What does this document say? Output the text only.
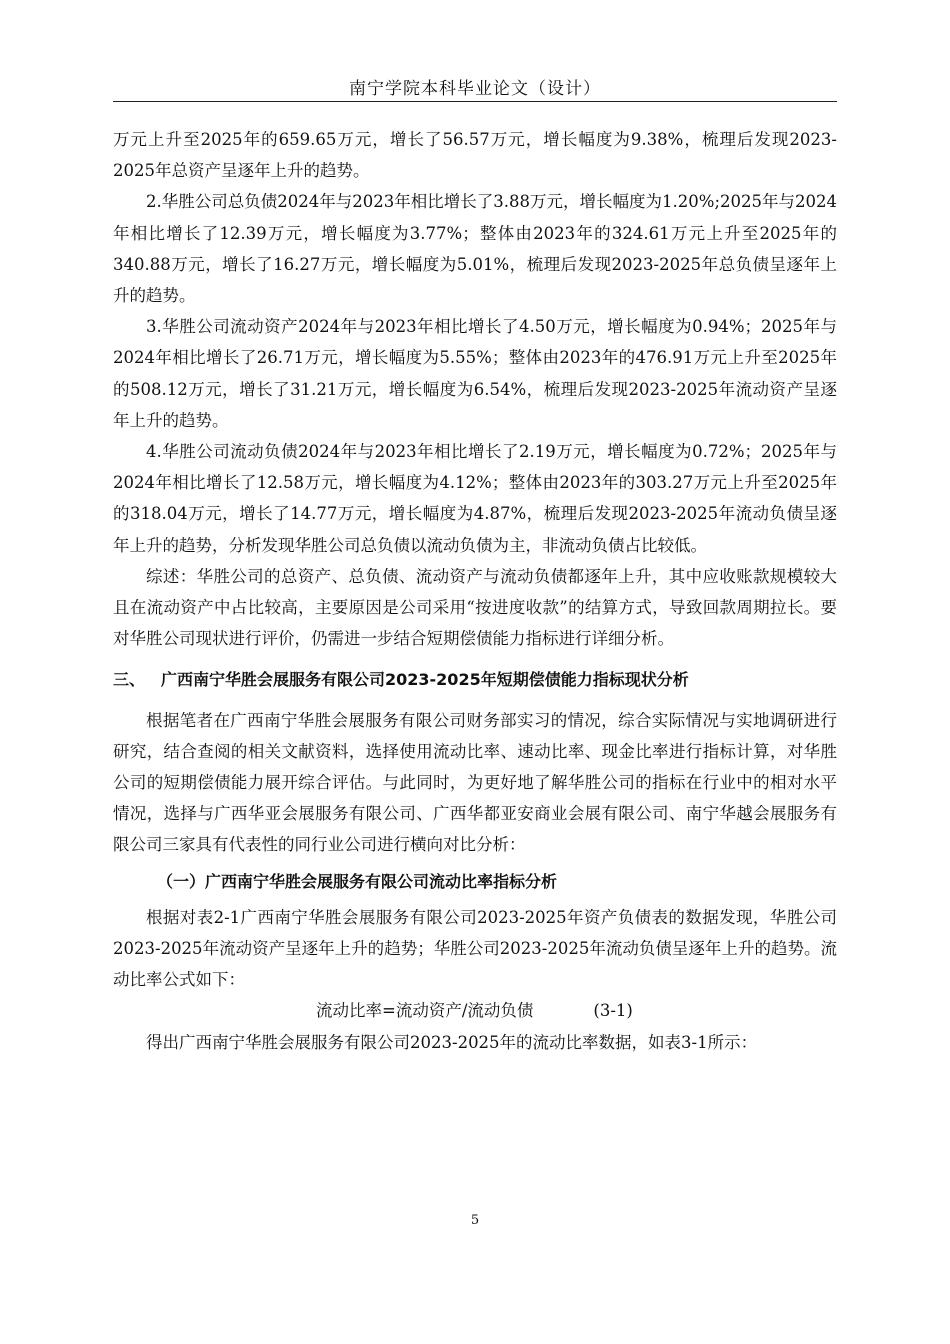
南宁学院本科毕业论文（设计）

万元上升至2025年的659.65万元，增长了56.57万元，增长幅度为9.38%，梳理后发现2023-2025年总资产呈逐年上升的趋势。

2.华胜公司总负债2024年与2023年相比增长了3.88万元，增长幅度为1.20%;2025年与2024年相比增长了12.39万元，增长幅度为3.77%；整体由2023年的324.61万元上升至2025年的340.88万元，增长了16.27万元，增长幅度为5.01%，梳理后发现2023-2025年总负债呈逐年上升的趋势。

3.华胜公司流动资产2024年与2023年相比增长了4.50万元，增长幅度为0.94%；2025年与2024年相比增长了26.71万元，增长幅度为5.55%；整体由2023年的476.91万元上升至2025年的508.12万元，增长了31.21万元，增长幅度为6.54%，梳理后发现2023-2025年流动资产呈逐年上升的趋势。

4.华胜公司流动负债2024年与2023年相比增长了2.19万元，增长幅度为0.72%；2025年与2024年相比增长了12.58万元，增长幅度为4.12%；整体由2023年的303.27万元上升至2025年的318.04万元，增长了14.77万元，增长幅度为4.87%，梳理后发现2023-2025年流动负债呈逐年上升的趋势，分析发现华胜公司总负债以流动负债为主，非流动负债占比较低。

综述：华胜公司的总资产、总负债、流动资产与流动负债都逐年上升，其中应收账款规模较大且在流动资产中占比较高，主要原因是公司采用“按进度收款”的结算方式，导致回款周期拉长。要对华胜公司现状进行评价，仍需进一步结合短期偿债能力指标进行详细分析。

三、 广西南宁华胜会展服务有限公司2023-2025年短期偿债能力指标现状分析

根据笔者在广西南宁华胜会展服务有限公司财务部实习的情况，综合实际情况与实地调研进行研究，结合查阅的相关文献资料，选择使用流动比率、速动比率、现金比率进行指标计算，对华胜公司的短期偿债能力展开综合评估。与此同时，为更好地了解华胜公司的指标在行业中的相对水平情况，选择与广西华亚会展服务有限公司、广西华都亚安商业会展有限公司、南宁华越会展服务有限公司三家具有代表性的同行业公司进行横向对比分析：

（一）广西南宁华胜会展服务有限公司流动比率指标分析

根据对表2-1广西南宁华胜会展服务有限公司2023-2025年资产负债表的数据发现，华胜公司2023-2025年流动资产呈逐年上升的趋势；华胜公司2023-2025年流动负债呈逐年上升的趋势。流动比率公式如下：

流动比率=流动资产/流动负债	(3-1)

得出广西南宁华胜会展服务有限公司2023-2025年的流动比率数据，如表3-1所示：

5
